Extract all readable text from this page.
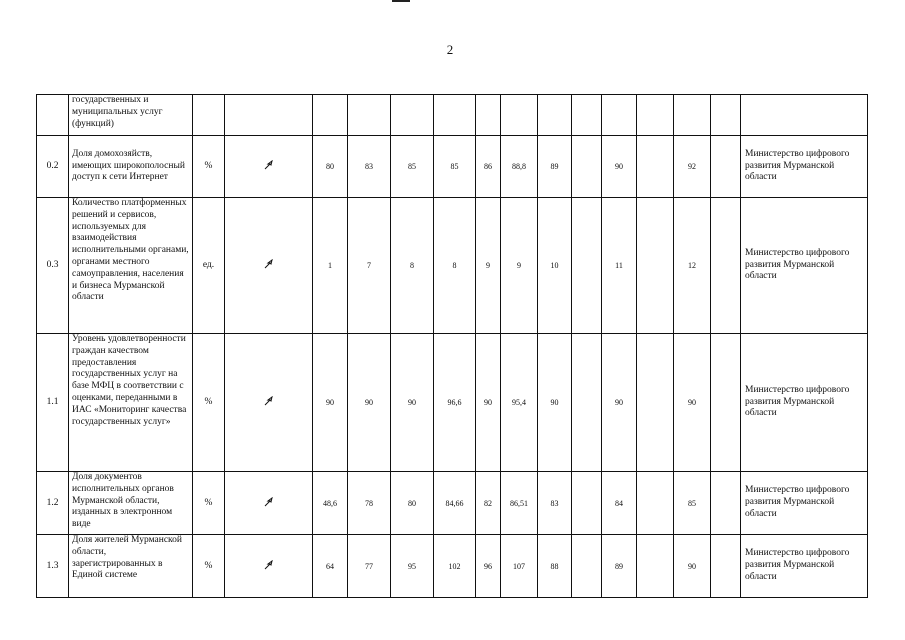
2
	государственных и муниципальных услуг (функций)															
0.2	Доля домохозяйств, имеющих широкополосный доступ к сети Интернет	%		80	83	85	85	86	88,8	89		90		92		Министерство цифрового развития Мурманской области
0.3	Количество платформенных решений и сервисов, используемых для взаимодействия исполнительными органами, органами местного самоуправления, населения и бизнеса Мурманской области	ед.		1	7	8	8	9	9	10		11		12		Министерство цифрового развития Мурманской области
1.1	Уровень удовлетворенности граждан качеством предоставления государственных услуг на базе МФЦ в соответствии с оценками, переданными в ИАС «Мониторинг качества государственных услуг»	%		90	90	90	96,6	90	95,4	90		90		90		Министерство цифрового развития Мурманской области
1.2	Доля документов исполнительных органов Мурманской области, изданных в электронном виде	%		48,6	78	80	84,66	82	86,51	83		84		85		Министерство цифрового развития Мурманской области
1.3	Доля жителей Мурманской области, зарегистрированных в Единой системе	%		64	77	95	102	96	107	88		89		90		Министерство цифрового развития Мурманской области
